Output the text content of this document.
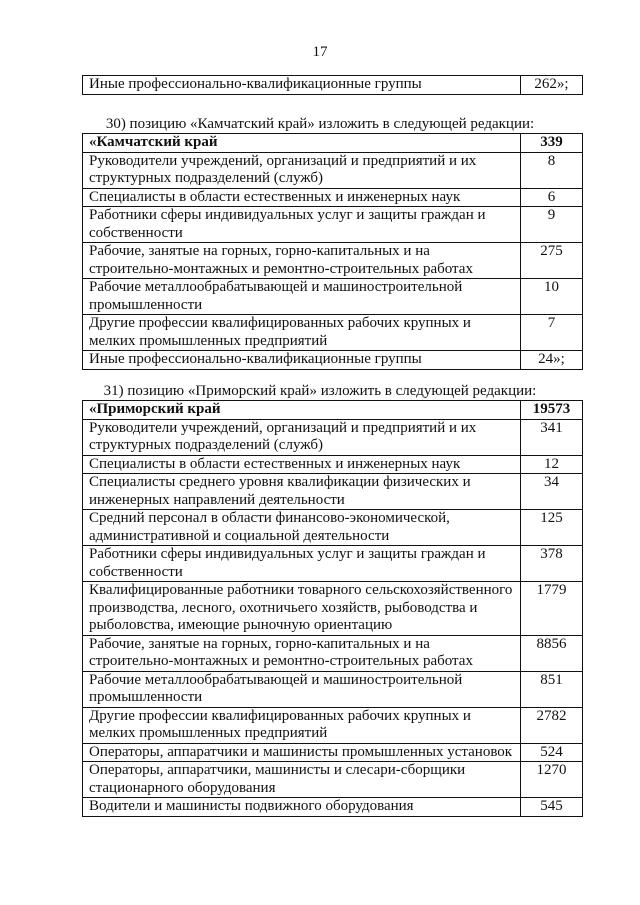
17
Иные профессионально-квалификационные группы	262»;
30) позицию «Камчатский край» изложить в следующей редакции:
«Камчатский край	339
Руководители учреждений, организаций и предприятий и их структурных подразделений (служб)	8
Специалисты в области естественных и инженерных наук	6
Работники сферы индивидуальных услуг и защиты граждан и собственности	9
Рабочие, занятые на горных, горно-капитальных и на строительно-монтажных и ремонтно-строительных работах	275
Рабочие металлообрабатывающей и машиностроительной промышленности	10
Другие профессии квалифицированных рабочих крупных и мелких промышленных предприятий	7
Иные профессионально-квалификационные группы	24»;
31) позицию «Приморский край» изложить в следующей редакции:
«Приморский край	19573
Руководители учреждений, организаций и предприятий и их структурных подразделений (служб)	341
Специалисты в области естественных и инженерных наук	12
Специалисты среднего уровня квалификации физических и инженерных направлений деятельности	34
Средний персонал в области финансово-экономической, административной и социальной деятельности	125
Работники сферы индивидуальных услуг и защиты граждан и собственности	378
Квалифицированные работники товарного сельскохозяйственного производства, лесного, охотничьего хозяйств, рыбоводства и рыболовства, имеющие рыночную ориентацию	1779
Рабочие, занятые на горных, горно-капитальных и на строительно-монтажных и ремонтно-строительных работах	8856
Рабочие металлообрабатывающей и машиностроительной промышленности	851
Другие профессии квалифицированных рабочих крупных и мелких промышленных предприятий	2782
Операторы, аппаратчики и машинисты промышленных установок	524
Операторы, аппаратчики, машинисты и слесари-сборщики стационарного оборудования	1270
Водители и машинисты подвижного оборудования	545
